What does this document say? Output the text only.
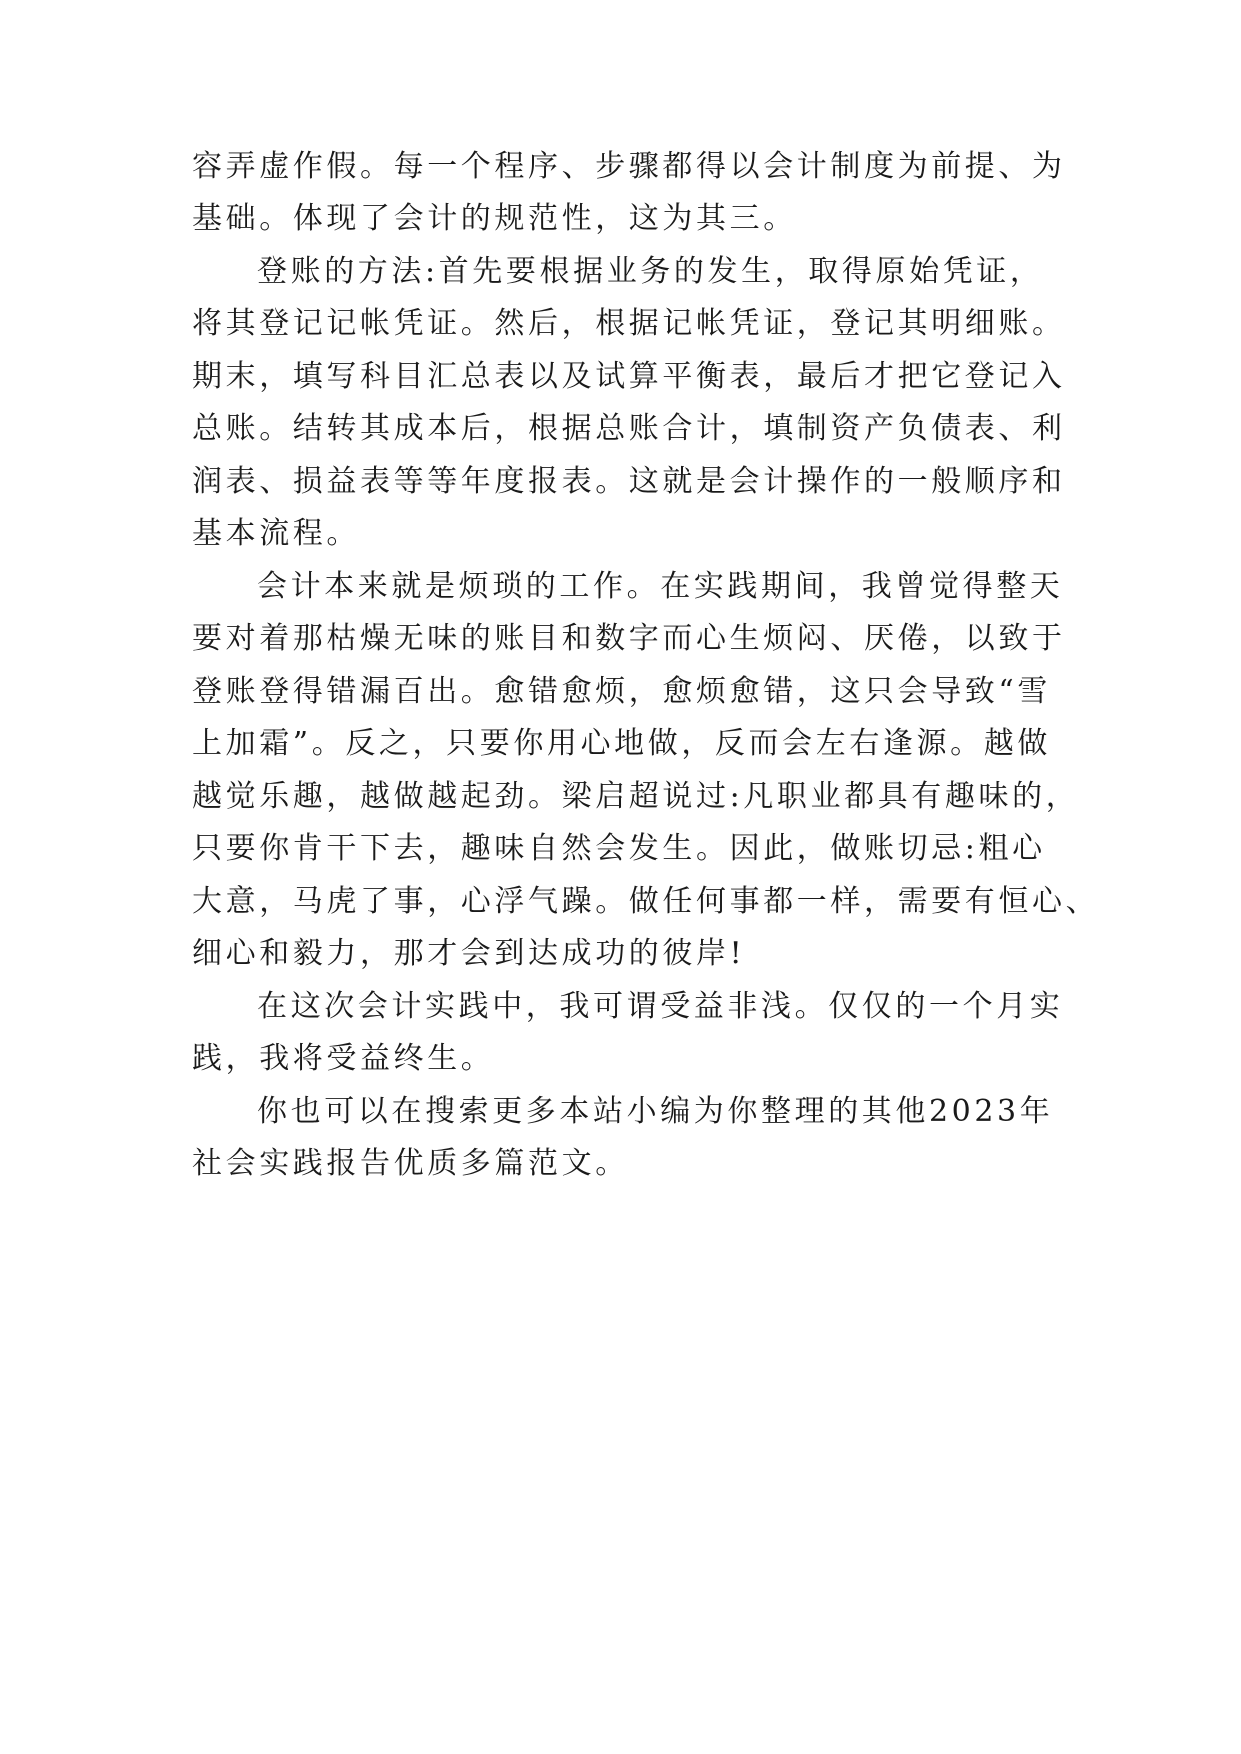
容弄虚作假。每一个程序、步骤都得以会计制度为前提、为
基础。体现了会计的规范性，这为其三。
登账的方法:首先要根据业务的发生，取得原始凭证，
将其登记记帐凭证。然后，根据记帐凭证，登记其明细账。
期末，填写科目汇总表以及试算平衡表，最后才把它登记入
总账。结转其成本后，根据总账合计，填制资产负债表、利
润表、损益表等等年度报表。这就是会计操作的一般顺序和
基本流程。
会计本来就是烦琐的工作。在实践期间，我曾觉得整天
要对着那枯燥无味的账目和数字而心生烦闷、厌倦，以致于
登账登得错漏百出。愈错愈烦，愈烦愈错，这只会导致“雪
上加霜”。反之，只要你用心地做，反而会左右逢源。越做
越觉乐趣，越做越起劲。梁启超说过:凡职业都具有趣味的，
只要你肯干下去，趣味自然会发生。因此，做账切忌:粗心
大意，马虎了事，心浮气躁。做任何事都一样，需要有恒心、
细心和毅力，那才会到达成功的彼岸!
在这次会计实践中，我可谓受益非浅。仅仅的一个月实
践，我将受益终生。
你也可以在搜索更多本站小编为你整理的其他2023年
社会实践报告优质多篇范文。
